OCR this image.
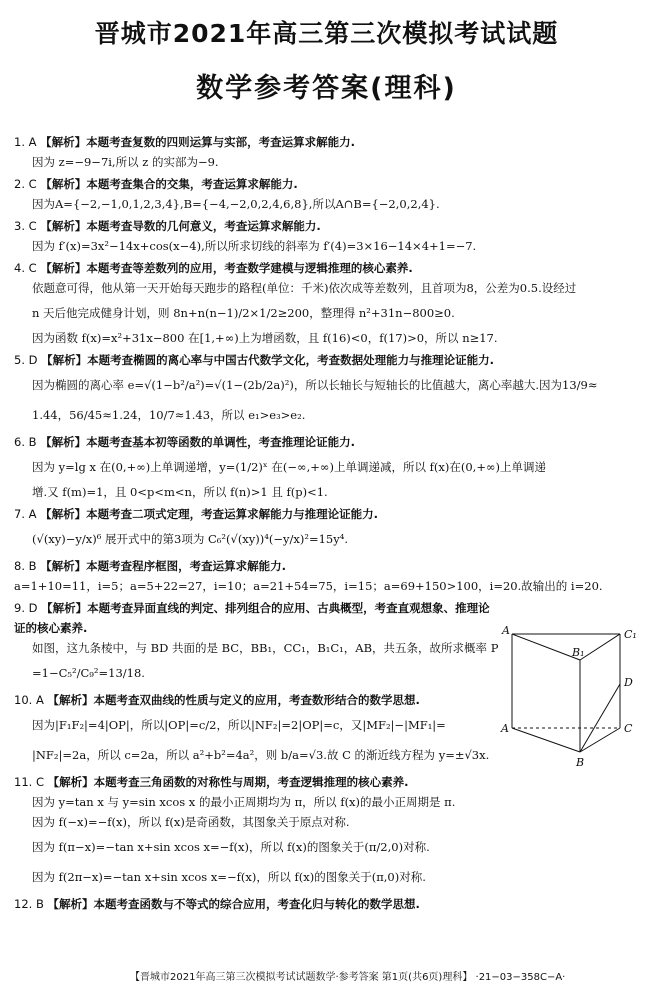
晋城市2021年高三第三次模拟考试试题
数学参考答案(理科)
1. A 【解析】本题考查复数的四则运算与实部，考查运算求解能力.
因为 z=−9−7i,所以 z 的实部为−9.
2. C 【解析】本题考查集合的交集，考查运算求解能力.
因为A={−2,−1,0,1,2,3,4},B={−4,−2,0,2,4,6,8},所以A∩B={−2,0,2,4}.
3. C 【解析】本题考查导数的几何意义，考查运算求解能力.
因为 f′(x)=3x²−14x+cos(x−4),所以所求切线的斜率为 f′(4)=3×16−14×4+1=−7.
4. C 【解析】本题考查等差数列的应用，考查数学建模与逻辑推理的核心素养.
依题意可得，他从第一天开始每天跑步的路程(单位：千米)依次成等差数列，且首项为8，公差为0.5.设经过
n 天后他完成健身计划，则 8n+n(n−1)/2×1/2≥200，整理得 n²+31n−800≥0.
因为函数 f(x)=x²+31x−800 在[1,+∞)上为增函数，且 f(16)<0，f(17)>0，所以 n≥17.
5. D 【解析】本题考查椭圆的离心率与中国古代数学文化，考查数据处理能力与推理论证能力.
因为椭圆的离心率 e=√(1−b²/a²)=√(1−(2b/2a)²)，所以长轴长与短轴长的比值越大，离心率越大.因为13/9≈
1.44，56/45≈1.24，10/7≈1.43，所以 e₁>e₃>e₂.
6. B 【解析】本题考查基本初等函数的单调性，考查推理论证能力.
因为 y=lg x 在(0,+∞)上单调递增，y=(1/2)ˣ 在(−∞,+∞)上单调递减，所以 f(x)在(0,+∞)上单调递
增.又 f(m)=1，且 0<p<m<n，所以 f(n)>1 且 f(p)<1.
7. A 【解析】本题考查二项式定理，考查运算求解能力与推理论证能力.
(√(xy)−y/x)⁶ 展开式中的第3项为 C₆²(√(xy))⁴(−y/x)²=15y⁴.
8. B 【解析】本题考查程序框图，考查运算求解能力.
a=1+10=11，i=5；a=5+22=27，i=10；a=21+54=75，i=15；a=69+150>100，i=20.故输出的 i=20.
9. D 【解析】本题考查异面直线的判定、排列组合的应用、古典概型，考查直观想象、推理论证的核心素养.
如图，这九条棱中，与 BD 共面的是 BC，BB₁，CC₁，B₁C₁，AB，共五条，故所求概率 P
=1−C₅²/C₉²=13/18.
10. A 【解析】本题考查双曲线的性质与定义的应用，考查数形结合的数学思想.
因为|F₁F₂|=4|OP|，所以|OP|=c/2，所以|NF₂|=2|OP|=c，又|MF₂|−|MF₁|=
|NF₂|=2a，所以 c=2a，所以 a²+b²=4a²，则 b/a=√3.故 C 的渐近线方程为 y=±√3x.
11. C 【解析】本题考查三角函数的对称性与周期，考查逻辑推理的核心素养.
因为 y=tan x 与 y=sin xcos x 的最小正周期均为 π，所以 f(x)的最小正周期是 π.
因为 f(−x)=−f(x)，所以 f(x)是奇函数，其图象关于原点对称.
因为 f(π−x)=−tan x+sin xcos x=−f(x)，所以 f(x)的图象关于(π/2,0)对称.
因为 f(2π−x)=−tan x+sin xcos x=−f(x)，所以 f(x)的图象关于(π,0)对称.
12. B 【解析】本题考查函数与不等式的综合应用，考查化归与转化的数学思想.
A	C₁
B₁
D
A	C
B
【晋城市2021年高三第三次模拟考试试题数学·参考答案 第1页(共6页)理科】 ·21−03−358C−A·
